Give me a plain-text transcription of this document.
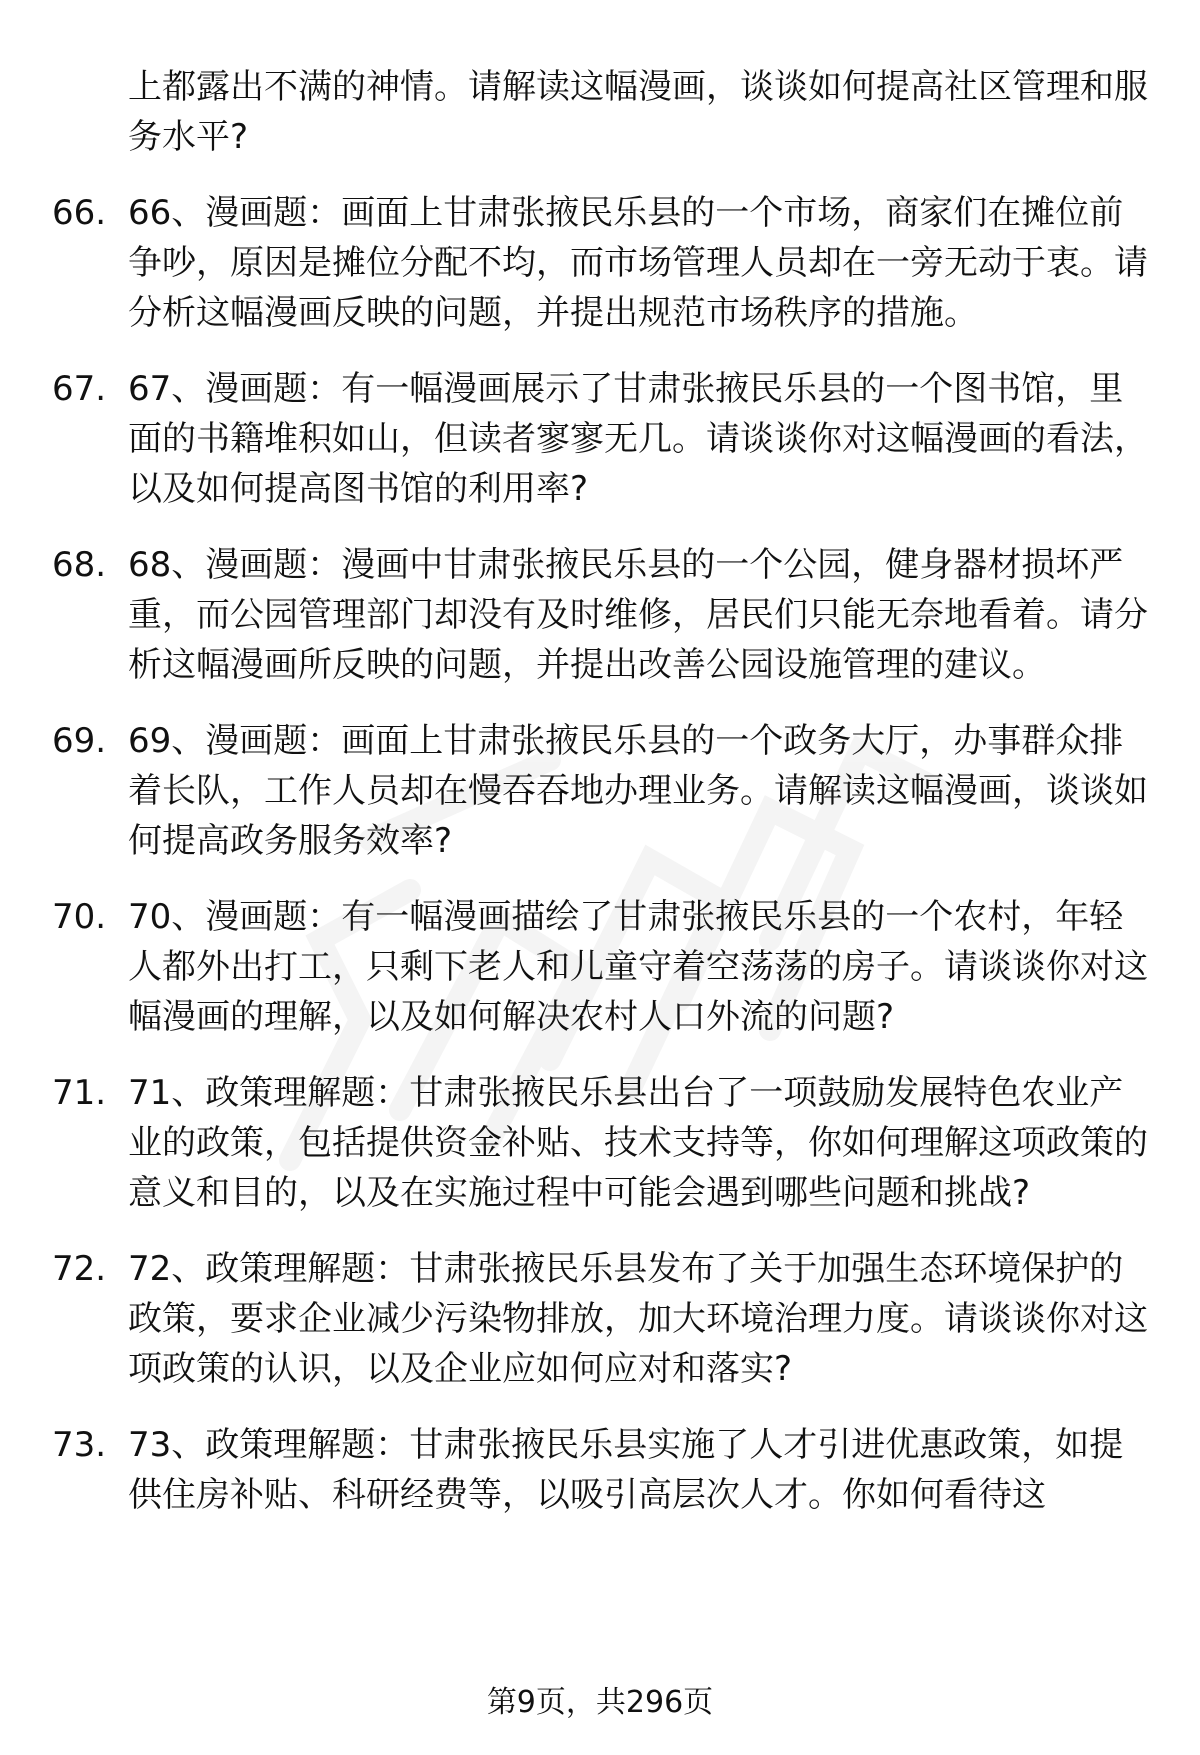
上都露出不满的神情。请解读这幅漫画，谈谈如何提高社区管理和服务水平?

66. 66、漫画题：画面上甘肃张掖民乐县的一个市场，商家们在摊位前争吵，原因是摊位分配不均，而市场管理人员却在一旁无动于衷。请分析这幅漫画反映的问题，并提出规范市场秩序的措施。
67. 67、漫画题：有一幅漫画展示了甘肃张掖民乐县的一个图书馆，里面的书籍堆积如山，但读者寥寥无几。请谈谈你对这幅漫画的看法，以及如何提高图书馆的利用率?
68. 68、漫画题：漫画中甘肃张掖民乐县的一个公园，健身器材损坏严重，而公园管理部门却没有及时维修，居民们只能无奈地看着。请分析这幅漫画所反映的问题，并提出改善公园设施管理的建议。
69. 69、漫画题：画面上甘肃张掖民乐县的一个政务大厅，办事群众排着长队，工作人员却在慢吞吞地办理业务。请解读这幅漫画，谈谈如何提高政务服务效率?
70. 70、漫画题：有一幅漫画描绘了甘肃张掖民乐县的一个农村，年轻人都外出打工，只剩下老人和儿童守着空荡荡的房子。请谈谈你对这幅漫画的理解，以及如何解决农村人口外流的问题?
71. 71、政策理解题：甘肃张掖民乐县出台了一项鼓励发展特色农业产业的政策，包括提供资金补贴、技术支持等，你如何理解这项政策的意义和目的，以及在实施过程中可能会遇到哪些问题和挑战?
72. 72、政策理解题：甘肃张掖民乐县发布了关于加强生态环境保护的政策，要求企业减少污染物排放，加大环境治理力度。请谈谈你对这项政策的认识，以及企业应如何应对和落实?
73. 73、政策理解题：甘肃张掖民乐县实施了人才引进优惠政策，如提供住房补贴、科研经费等，以吸引高层次人才。你如何看待这
第9页，共296页
